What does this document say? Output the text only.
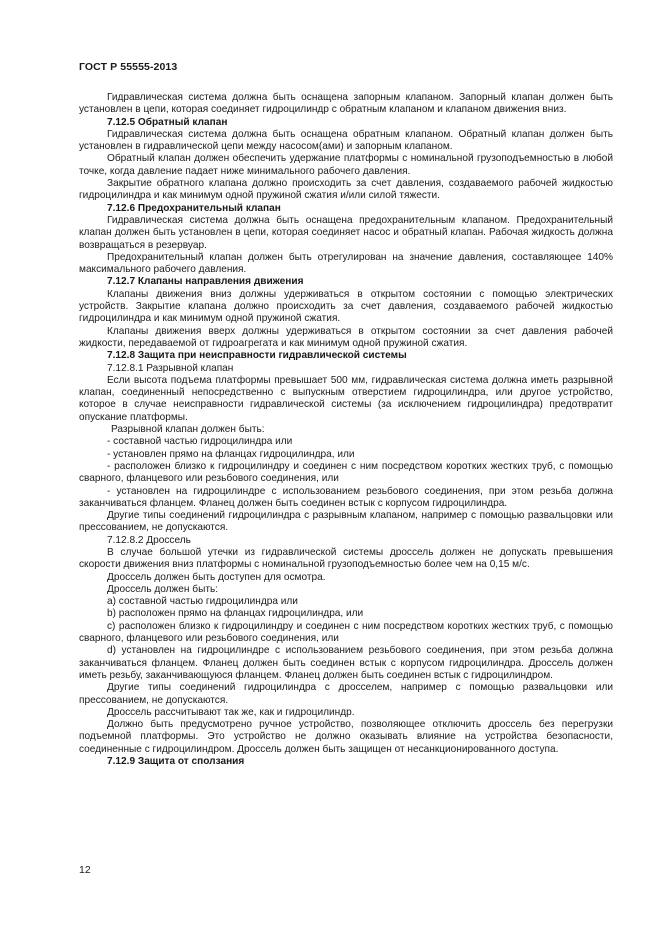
ГОСТ Р 55555-2013

Гидравлическая система должна быть оснащена запорным клапаном. Запорный клапан должен быть установлен в цепи, которая соединяет гидроцилиндр с обратным клапаном и клапаном движения вниз.

7.12.5 Обратный клапан

Гидравлическая система должна быть оснащена обратным клапаном. Обратный клапан должен быть установлен в гидравлической цепи между насосом(ами) и запорным клапаном.

Обратный клапан должен обеспечить удержание платформы с номинальной грузоподъемностью в любой точке, когда давление падает ниже минимального рабочего давления.

Закрытие обратного клапана должно происходить за счет давления, создаваемого рабочей жидкостью гидроцилиндра и как минимум одной пружиной сжатия и/или силой тяжести.

7.12.6 Предохранительный клапан

Гидравлическая система должна быть оснащена предохранительным клапаном. Предохранительный клапан должен быть установлен в цепи, которая соединяет насос и обратный клапан. Рабочая жидкость должна возвращаться в резервуар.

Предохранительный клапан должен быть отрегулирован на значение давления, составляющее 140% максимального рабочего давления.

7.12.7 Клапаны направления движения

Клапаны движения вниз должны удерживаться в открытом состоянии с помощью электрических устройств. Закрытие клапана должно происходить за счет давления, создаваемого рабочей жидкостью гидроцилиндра и как минимум одной пружиной сжатия.

Клапаны движения вверх должны удерживаться в открытом состоянии за счет давления рабочей жидкости, передаваемой от гидроагрегата и как минимум одной пружиной сжатия.

7.12.8 Защита при неисправности гидравлической системы

7.12.8.1 Разрывной клапан

Если высота подъема платформы превышает 500 мм, гидравлическая система должна иметь разрывной клапан, соединенный непосредственно с выпускным отверстием гидроцилиндра, или другое устройство, которое в случае неисправности гидравлической системы (за исключением гидроцилиндра) предотвратит опускание платформы.

Разрывной клапан должен быть:

- составной частью гидроцилиндра или

- установлен прямо на фланцах гидроцилиндра, или

- расположен близко к гидроцилиндру и соединен с ним посредством коротких жестких труб, с помощью сварного, фланцевого или резьбового соединения, или

- установлен на гидроцилиндре с использованием резьбового соединения, при этом резьба должна заканчиваться фланцем. Фланец должен быть соединен встык с корпусом гидроцилиндра.

Другие типы соединений гидроцилиндра с разрывным клапаном, например с помощью развальцовки или прессованием, не допускаются.

7.12.8.2 Дроссель

В случае большой утечки из гидравлической системы дроссель должен не допускать превышения скорости движения вниз платформы с номинальной грузоподъемностью более чем на 0,15 м/с.

Дроссель должен быть доступен для осмотра.

Дроссель должен быть:

а) составной частью гидроцилиндра или

b) расположен прямо на фланцах гидроцилиндра, или

c) расположен близко к гидроцилиндру и соединен с ним посредством коротких жестких труб, с помощью сварного, фланцевого или резьбового соединения, или

d) установлен на гидроцилиндре с использованием резьбового соединения, при этом резьба должна заканчиваться фланцем. Фланец должен быть соединен встык с корпусом гидроцилиндра. Дроссель должен иметь резьбу, заканчивающуюся фланцем. Фланец должен быть соединен встык с гидроцилиндром.

Другие типы соединений гидроцилиндра с дросселем, например с помощью развальцовки или прессованием, не допускаются.

Дроссель рассчитывают так же, как и гидроцилиндр.

Должно быть предусмотрено ручное устройство, позволяющее отключить дроссель без перегрузки подъемной платформы. Это устройство не должно оказывать влияние на устройства безопасности, соединенные с гидроцилиндром. Дроссель должен быть защищен от несанкционированного доступа.

7.12.9 Защита от сползания

12
